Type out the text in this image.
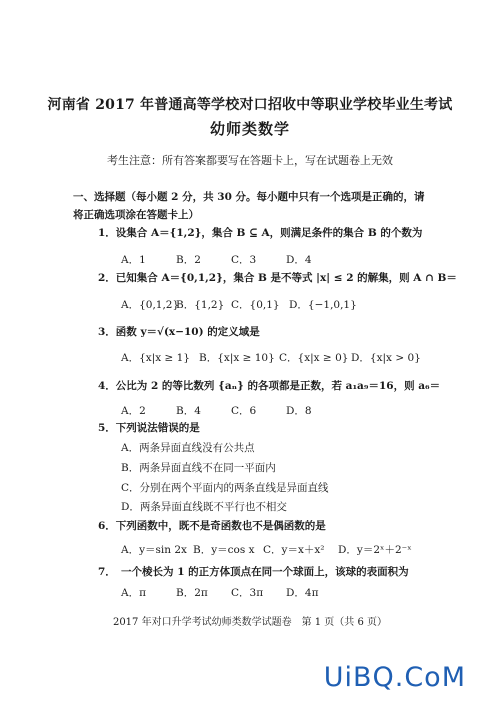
河南省 2017 年普通高等学校对口招收中等职业学校毕业生考试
幼师类数学
考生注意：所有答案都要写在答题卡上，写在试题卷上无效
一、选择题（每小题 2 分，共 30 分。每小题中只有一个选项是正确的，请将正确选项涂在答题卡上）
1．设集合 A＝{1,2}，集合 B ⊆ A，则满足条件的集合 B 的个数为
A．1	B．2	C．3	D．4
2．已知集合 A＝{0,1,2}，集合 B 是不等式 |x| ≤ 2 的解集，则 A ∩ B＝
A．{0,1,2}B．{1,2} C．{0,1} D．{−1,0,1}
3．函数 y＝√(x−10) 的定义域是
A．{x|x ≥ 1} B．{x|x ≥ 10} C．{x|x ≥ 0} D．{x|x > 0}
4．公比为 2 的等比数列 {aₙ} 的各项都是正数，若 a₁a₉＝16，则 a₆＝
A．2	B．4	C．6	D．8
5．下列说法错误的是
A．两条异面直线没有公共点
B．两条异面直线不在同一平面内
C．分别在两个平面内的两条直线是异面直线
D．两条异面直线既不平行也不相交
6．下列函数中，既不是奇函数也不是偶函数的是
A．y＝sin 2x B．y＝cos x C．y＝x＋x² D．y＝2ˣ＋2⁻ˣ
7．　一个棱长为 1 的正方体顶点在同一个球面上，该球的表面积为
A．π	B．2π C．3π D．4π
2017 年对口升学考试幼师类数学试题卷　第 1 页（共 6 页）
UiBQ.CoM
